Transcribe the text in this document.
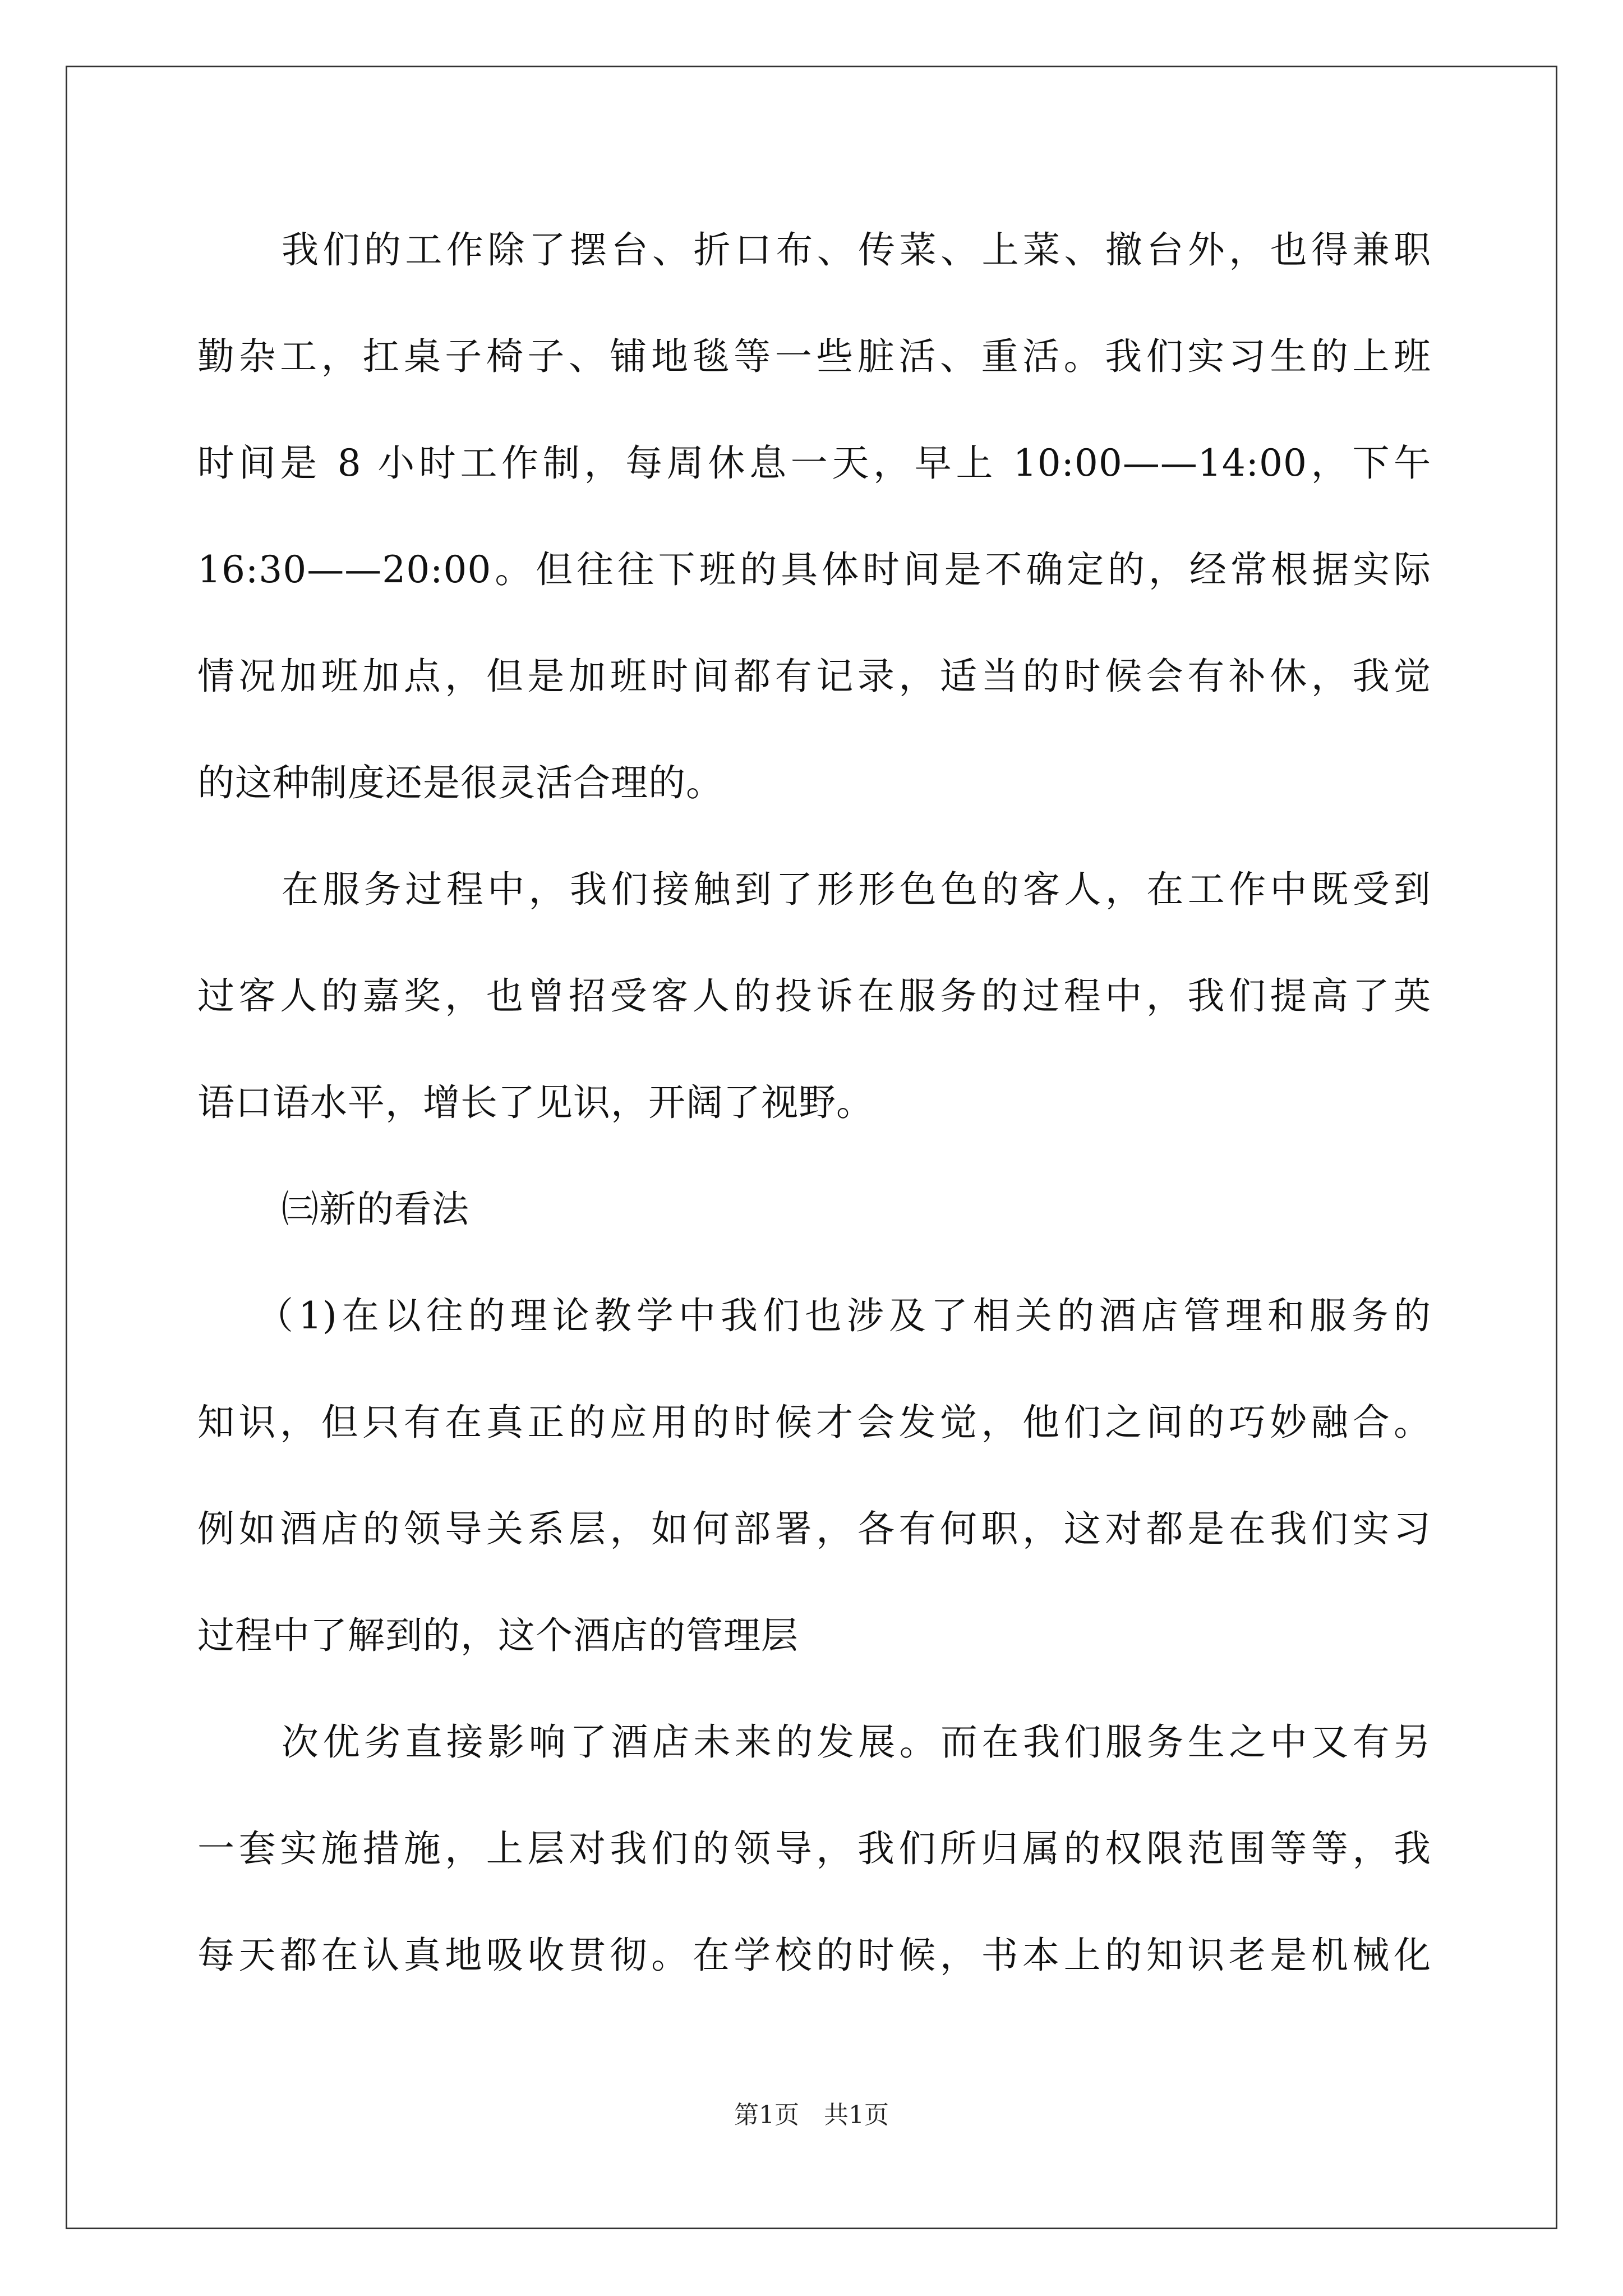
我们的工作除了摆台、折口布、传菜、上菜、撤台外，也得兼职
勤杂工，扛桌子椅子、铺地毯等一些脏活、重活。我们实习生的上班
时间是 8 小时工作制，每周休息一天，早上 10:00——14:00，下午
16:30——20:00。但往往下班的具体时间是不确定的，经常根据实际
情况加班加点，但是加班时间都有记录，适当的时候会有补休，我觉
的这种制度还是很灵活合理的。
在服务过程中，我们接触到了形形色色的客人，在工作中既受到
过客人的嘉奖，也曾招受客人的投诉在服务的过程中，我们提高了英
语口语水平，增长了见识，开阔了视野。
㈢新的看法
（1)在以往的理论教学中我们也涉及了相关的酒店管理和服务的
知识，但只有在真正的应用的时候才会发觉，他们之间的巧妙融合。
例如酒店的领导关系层，如何部署，各有何职，这对都是在我们实习
过程中了解到的，这个酒店的管理层
次优劣直接影响了酒店未来的发展。而在我们服务生之中又有另
一套实施措施，上层对我们的领导，我们所归属的权限范围等等，我
每天都在认真地吸收贯彻。在学校的时候，书本上的知识老是机械化
第1页　共1页
